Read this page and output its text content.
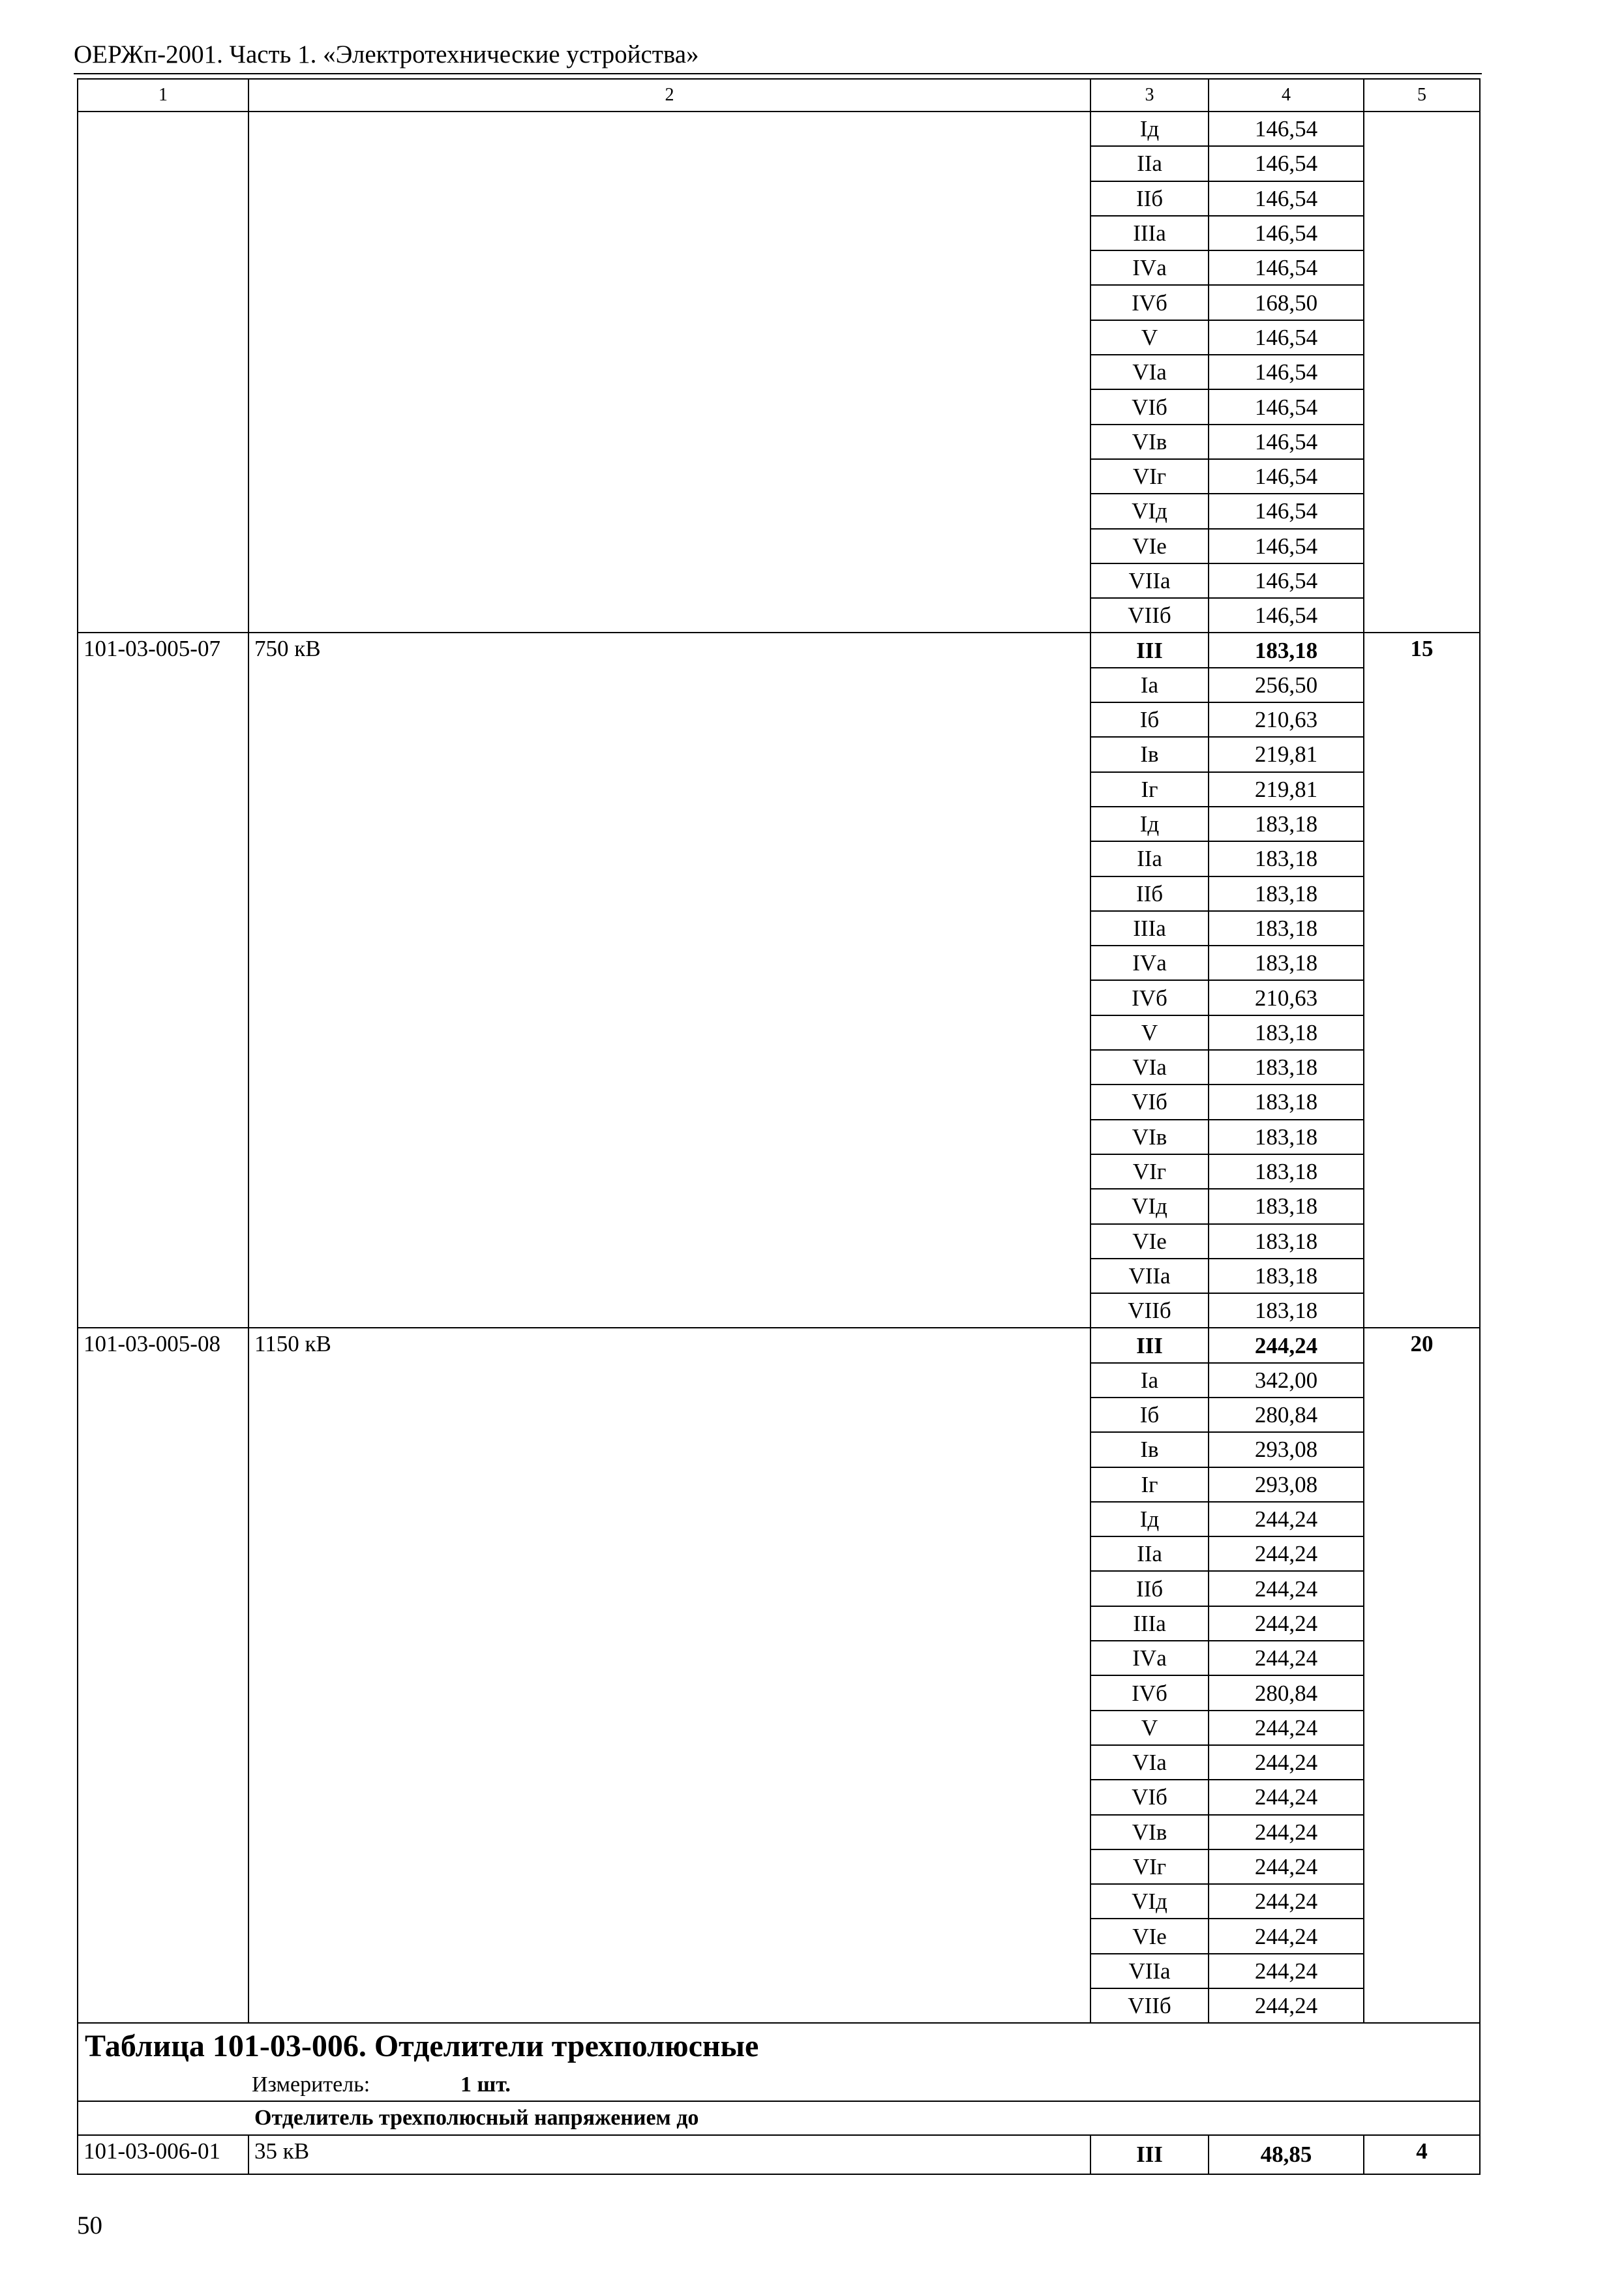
ОЕРЖп-2001. Часть 1. «Электротехнические устройства»
1	2	3	4	5
		Iд	146,54	
		IIа	146,54	
		IIб	146,54	
		IIIа	146,54	
		IVа	146,54	
		IVб	168,50	
		V	146,54	
		VIа	146,54	
		VIб	146,54	
		VIв	146,54	
		VIг	146,54	
		VIд	146,54	
		VIе	146,54	
		VIIа	146,54	
		VIIб	146,54	
101-03-005-07	750 кВ	III	183,18	15
		Iа	256,50	
		Iб	210,63	
		Iв	219,81	
		Iг	219,81	
		Iд	183,18	
		IIа	183,18	
		IIб	183,18	
		IIIа	183,18	
		IVа	183,18	
		IVб	210,63	
		V	183,18	
		VIа	183,18	
		VIб	183,18	
		VIв	183,18	
		VIг	183,18	
		VIд	183,18	
		VIе	183,18	
		VIIа	183,18	
		VIIб	183,18	
101-03-005-08	1150 кВ	III	244,24	20
		Iа	342,00	
		Iб	280,84	
		Iв	293,08	
		Iг	293,08	
		Iд	244,24	
		IIа	244,24	
		IIб	244,24	
		IIIа	244,24	
		IVа	244,24	
		IVб	280,84	
		V	244,24	
		VIа	244,24	
		VIб	244,24	
		VIв	244,24	
		VIг	244,24	
		VIд	244,24	
		VIе	244,24	
		VIIа	244,24	
		VIIб	244,24	
Таблица 101-03-006. Отделители трехполюсные				
Измеритель: 1 шт.				
Отделитель трехполюсный напряжением до				
101-03-006-01	35 кВ	III	48,85	4
50
